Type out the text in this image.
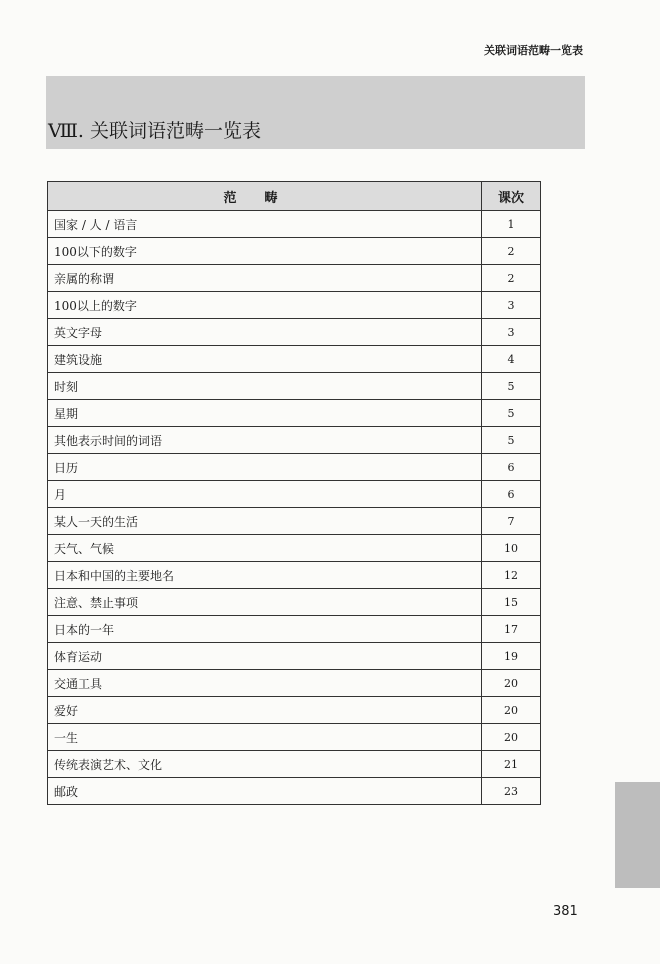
关联词语范畴一览表
Ⅷ. 关联词语范畴一览表
范畴	课次
国家 / 人 / 语言	1
100以下的数字	2
亲属的称谓	2
100以上的数字	3
英文字母	3
建筑设施	4
时刻	5
星期	5
其他表示时间的词语	5
日历	6
月	6
某人一天的生活	7
天气、气候	10
日本和中国的主要地名	12
注意、禁止事项	15
日本的一年	17
体育运动	19
交通工具	20
爱好	20
一生	20
传统表演艺术、文化	21
邮政	23
381
